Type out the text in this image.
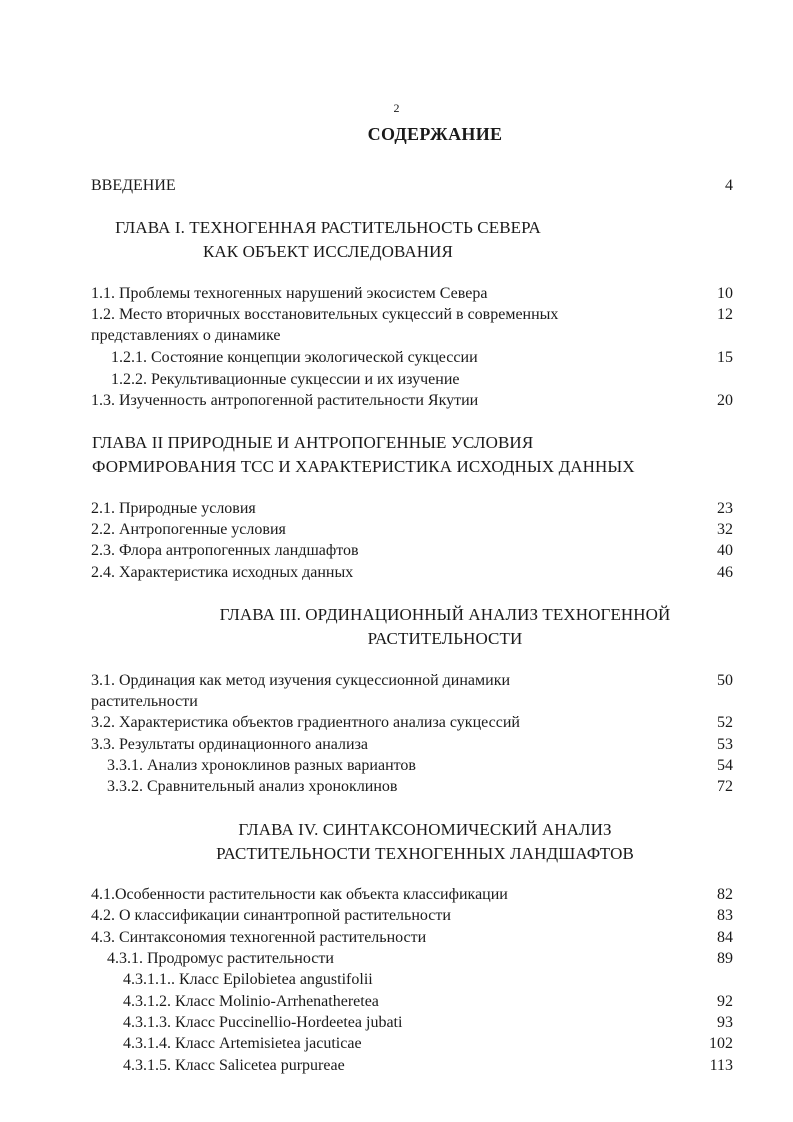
2
СОДЕРЖАНИЕ
ВВЕДЕНИЕ	4
ГЛАВА I. ТЕХНОГЕННАЯ РАСТИТЕЛЬНОСТЬ СЕВЕРА
КАК ОБЪЕКТ ИССЛЕДОВАНИЯ
1.1. Проблемы техногенных нарушений экосистем Севера	10
1.2. Место вторичных восстановительных сукцессий в современных	12
представлениях о динамике
1.2.1. Состояние концепции экологической сукцессии	15
1.2.2. Рекультивационные сукцессии и их изучение
1.3. Изученность антропогенной растительности Якутии	20
ГЛАВА II ПРИРОДНЫЕ И АНТРОПОГЕННЫЕ УСЛОВИЯ
ФОРМИРОВАНИЯ ТСС И ХАРАКТЕРИСТИКА ИСХОДНЫХ ДАННЫХ
2.1. Природные условия	23
2.2. Антропогенные условия	32
2.3. Флора антропогенных ландшафтов	40
2.4. Характеристика исходных данных	46
ГЛАВА III. ОРДИНАЦИОННЫЙ АНАЛИЗ ТЕХНОГЕННОЙ
РАСТИТЕЛЬНОСТИ
3.1. Ординация как метод изучения сукцессионной динамики	50
растительности
3.2. Характеристика объектов градиентного анализа сукцессий	52
3.3. Результаты ординационного анализа	53
3.3.1. Анализ хроноклинов разных вариантов	54
3.3.2. Сравнительный анализ хроноклинов	72
ГЛАВА IV. СИНТАКСОНОМИЧЕСКИЙ АНАЛИЗ
РАСТИТЕЛЬНОСТИ ТЕХНОГЕННЫХ ЛАНДШАФТОВ
4.1.Особенности растительности как объекта классификации	82
4.2. О классификации синантропной растительности	83
4.3. Синтаксономия техногенной растительности	84
4.3.1. Продромус растительности	89
4.3.1.1.. Класс Epilobietea angustifolii
4.3.1.2. Класс Molinio-Arrhenatheretea	92
4.3.1.3. Класс Puccinellio-Hordeetea jubati	93
4.3.1.4. Класс Artemisietea jacuticae	102
4.3.1.5. Класс Salicetea purpureae	113
